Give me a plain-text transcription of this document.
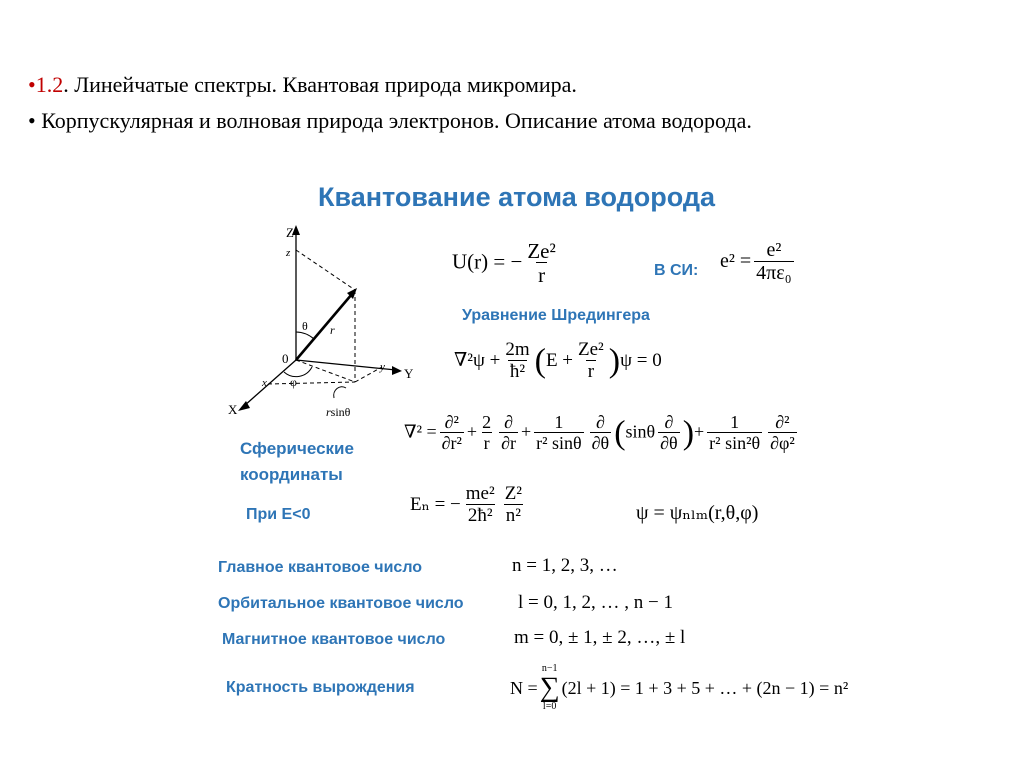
•1.2. Линейчатые спектры. Квантовая природа микромира.
• Корпускулярная и волновая природа электронов. Описание атома водорода.
Квантование атома водорода
Z
z
Y
y
X
x
0
θ
φ
r
rsinθ
U(r) = − $\frac{\text{Ze²}}{r}$	В СИ: $e^2 = \frac{\text{e²}}{\text{4πε₀}}$
Уравнение Шредингера
$\nabla^2\psi + \frac{2m}{\text{ħ²}} (E + \frac{\text{Ze²}}{r} )\psi = 0$
$\nabla^2 = \frac{\text{∂²}}{\text{∂r²}} + \frac{2}{r} \frac{\partial}{\partial r} + \frac{1}{\text{r² sinθ}} \frac{\partial}{\partial\theta} (\sin\theta \frac{\partial}{\partial\theta}$ )+ $\frac{1}{\text{r² sin²θ}} \frac{\text{∂²}}{\text{∂φ²}}$
Сферические
координаты
При E<0	Eₙ = − $\frac{\text{me²}}{\text{2ħ²}} \frac{\text{Z²}}{\text{n²}}$	ψ = ψₙₗₘ(r,θ,φ)
Главное квантовое число	n = 1, 2, 3, …
Орбитальное квантовое число	l = 0, 1, 2, … , n − 1
Магнитное квантовое число	m = 0, ± 1, ± 2, …, ± l
Кратность вырождения	N =
n−1
∑
l=0
(2l + 1) = 1 + 3 + 5 + … + (2n − 1) = n²
